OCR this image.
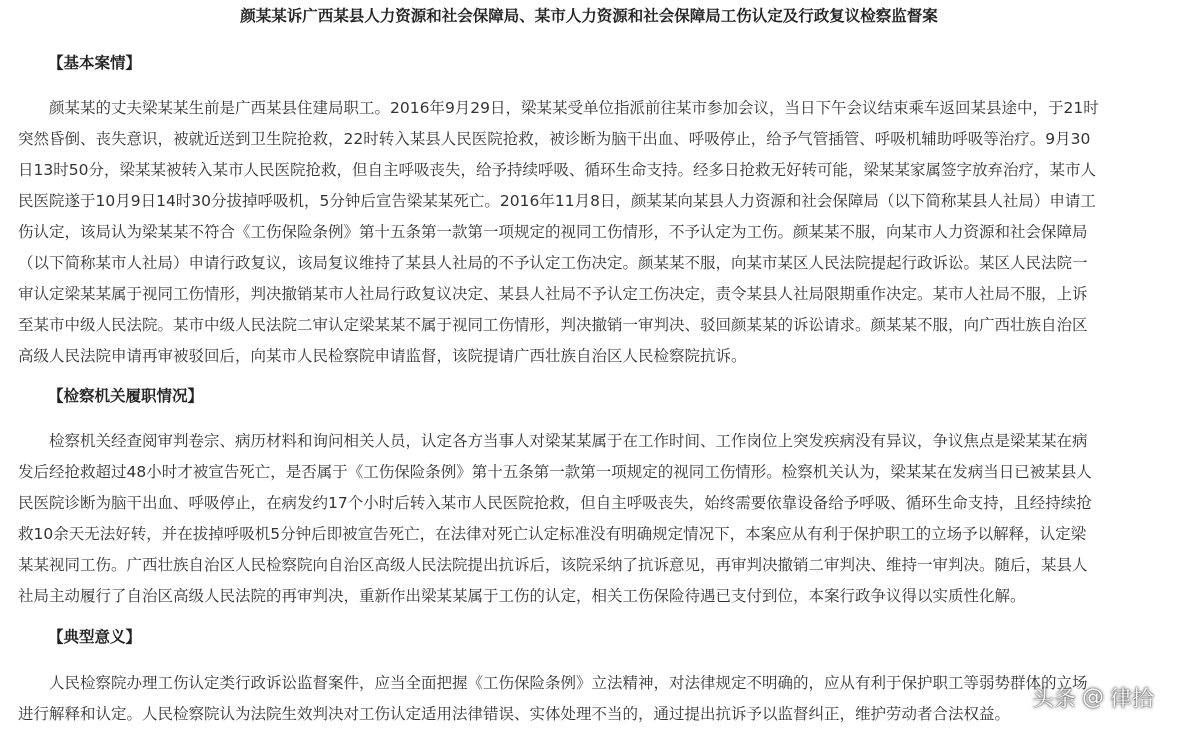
颜某某诉广西某县人力资源和社会保障局、某市人力资源和社会保障局工伤认定及行政复议检察监督案
【基本案情】
颜某某的丈夫梁某某生前是广西某县住建局职工。2016年9月29日，梁某某受单位指派前往某市参加会议，当日下午会议结束乘车返回某县途中，于21时
突然昏倒、丧失意识，被就近送到卫生院抢救，22时转入某县人民医院抢救，被诊断为脑干出血、呼吸停止，给予气管插管、呼吸机辅助呼吸等治疗。9月30
日13时50分，梁某某被转入某市人民医院抢救，但自主呼吸丧失，给予持续呼吸、循环生命支持。经多日抢救无好转可能，梁某某家属签字放弃治疗，某市人
民医院遂于10月9日14时30分拔掉呼吸机，5分钟后宣告梁某某死亡。2016年11月8日，颜某某向某县人力资源和社会保障局（以下简称某县人社局）申请工
伤认定，该局认为梁某某不符合《工伤保险条例》第十五条第一款第一项规定的视同工伤情形，不予认定为工伤。颜某某不服，向某市人力资源和社会保障局
（以下简称某市人社局）申请行政复议，该局复议维持了某县人社局的不予认定工伤决定。颜某某不服，向某市某区人民法院提起行政诉讼。某区人民法院一
审认定梁某某属于视同工伤情形，判决撤销某市人社局行政复议决定、某县人社局不予认定工伤决定，责令某县人社局限期重作决定。某市人社局不服，上诉
至某市中级人民法院。某市中级人民法院二审认定梁某某不属于视同工伤情形，判决撤销一审判决、驳回颜某某的诉讼请求。颜某某不服，向广西壮族自治区
高级人民法院申请再审被驳回后，向某市人民检察院申请监督，该院提请广西壮族自治区人民检察院抗诉。
【检察机关履职情况】
检察机关经查阅审判卷宗、病历材料和询问相关人员，认定各方当事人对梁某某属于在工作时间、工作岗位上突发疾病没有异议，争议焦点是梁某某在病
发后经抢救超过48小时才被宣告死亡，是否属于《工伤保险条例》第十五条第一款第一项规定的视同工伤情形。检察机关认为，梁某某在发病当日已被某县人
民医院诊断为脑干出血、呼吸停止，在病发约17个小时后转入某市人民医院抢救，但自主呼吸丧失，始终需要依靠设备给予呼吸、循环生命支持，且经持续抢
救10余天无法好转，并在拔掉呼吸机5分钟后即被宣告死亡，在法律对死亡认定标准没有明确规定情况下，本案应从有利于保护职工的立场予以解释，认定梁
某某视同工伤。广西壮族自治区人民检察院向自治区高级人民法院提出抗诉后，该院采纳了抗诉意见，再审判决撤销二审判决、维持一审判决。随后，某县人
社局主动履行了自治区高级人民法院的再审判决，重新作出梁某某属于工伤的认定，相关工伤保险待遇已支付到位，本案行政争议得以实质性化解。
【典型意义】
人民检察院办理工伤认定类行政诉讼监督案件，应当全面把握《工伤保险条例》立法精神，对法律规定不明确的，应从有利于保护职工等弱势群体的立场
进行解释和认定。人民检察院认为法院生效判决对工伤认定适用法律错误、实体处理不当的，通过提出抗诉予以监督纠正，维护劳动者合法权益。
头条 @ 律拾
